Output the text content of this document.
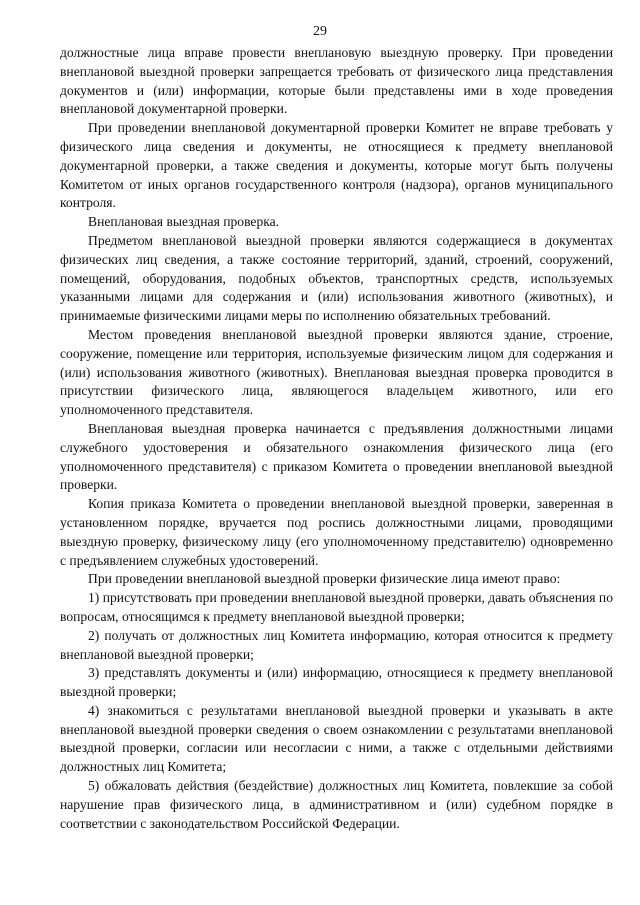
29

должностные лица вправе провести внеплановую выездную проверку. При проведении внеплановой выездной проверки запрещается требовать от физического лица представления документов и (или) информации, которые были представлены ими в ходе проведения внеплановой документарной проверки.

При проведении внеплановой документарной проверки Комитет не вправе требовать у физического лица сведения и документы, не относящиеся к предмету внеплановой документарной проверки, а также сведения и документы, которые могут быть получены Комитетом от иных органов государственного контроля (надзора), органов муниципального контроля.

Внеплановая выездная проверка.

Предметом внеплановой выездной проверки являются содержащиеся в документах физических лиц сведения, а также состояние территорий, зданий, строений, сооружений, помещений, оборудования, подобных объектов, транспортных средств, используемых указанными лицами для содержания и (или) использования животного (животных), и принимаемые физическими лицами меры по исполнению обязательных требований.

Местом проведения внеплановой выездной проверки являются здание, строение, сооружение, помещение или территория, используемые физическим лицом для содержания и (или) использования животного (животных). Внеплановая выездная проверка проводится в присутствии физического лица, являющегося владельцем животного, или его уполномоченного представителя.

Внеплановая выездная проверка начинается с предъявления должностными лицами служебного удостоверения и обязательного ознакомления физического лица (его уполномоченного представителя) с приказом Комитета о проведении внеплановой выездной проверки.

Копия приказа Комитета о проведении внеплановой выездной проверки, заверенная в установленном порядке, вручается под роспись должностными лицами, проводящими выездную проверку, физическому лицу (его уполномоченному представителю) одновременно с предъявлением служебных удостоверений.

При проведении внеплановой выездной проверки физические лица имеют право:

1) присутствовать при проведении внеплановой выездной проверки, давать объяснения по вопросам, относящимся к предмету внеплановой выездной проверки;

2) получать от должностных лиц Комитета информацию, которая относится к предмету внеплановой выездной проверки;

3) представлять документы и (или) информацию, относящиеся к предмету внеплановой выездной проверки;

4) знакомиться с результатами внеплановой выездной проверки и указывать в акте внеплановой выездной проверки сведения о своем ознакомлении с результатами внеплановой выездной проверки, согласии или несогласии с ними, а также с отдельными действиями должностных лиц Комитета;

5) обжаловать действия (бездействие) должностных лиц Комитета, повлекшие за собой нарушение прав физического лица, в административном и (или) судебном порядке в соответствии с законодательством Российской Федерации.
